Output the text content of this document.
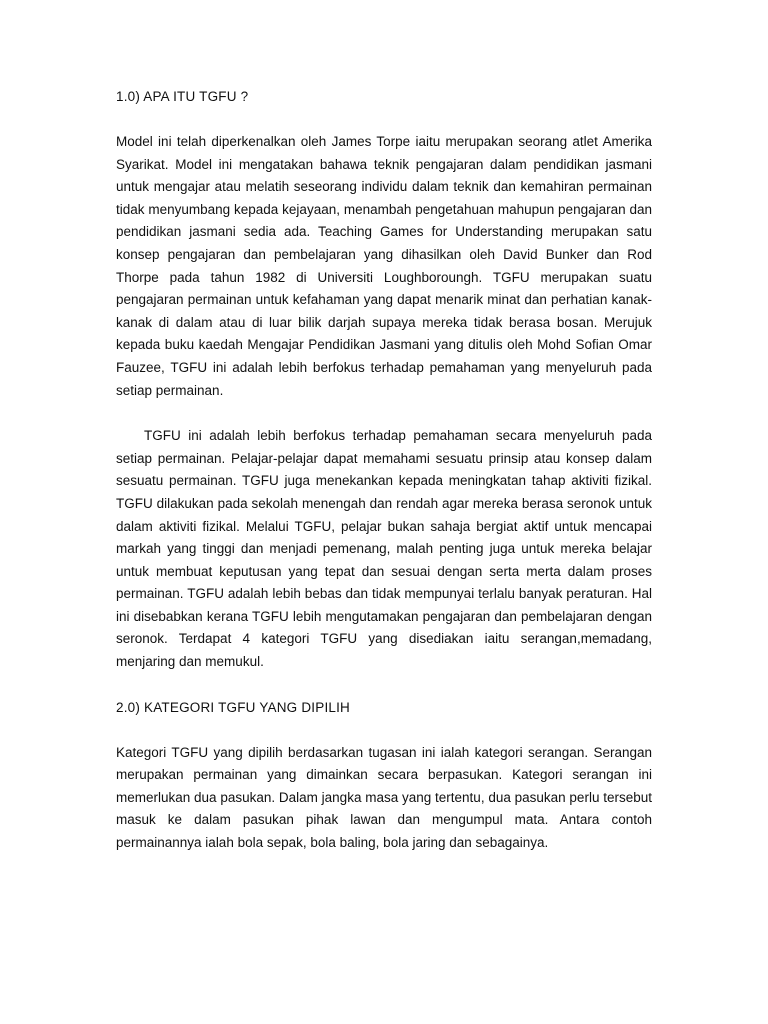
1.0) APA ITU TGFU ?

Model ini telah diperkenalkan oleh James Torpe iaitu merupakan seorang atlet Amerika Syarikat. Model ini mengatakan bahawa teknik pengajaran dalam pendidikan jasmani untuk mengajar atau melatih seseorang individu dalam teknik dan kemahiran permainan tidak menyumbang kepada kejayaan, menambah pengetahuan mahupun pengajaran dan pendidikan jasmani sedia ada. Teaching Games for Understanding merupakan satu konsep pengajaran dan pembelajaran yang dihasilkan oleh David Bunker dan Rod Thorpe pada tahun 1982 di Universiti Loughboroungh. TGFU merupakan suatu pengajaran permainan untuk kefahaman yang dapat menarik minat dan perhatian kanak-kanak di dalam atau di luar bilik darjah supaya mereka tidak berasa bosan. Merujuk kepada buku kaedah Mengajar Pendidikan Jasmani yang ditulis oleh Mohd Sofian Omar Fauzee, TGFU ini adalah lebih berfokus terhadap pemahaman yang menyeluruh pada setiap permainan.

TGFU ini adalah lebih berfokus terhadap pemahaman secara menyeluruh pada setiap permainan. Pelajar-pelajar dapat memahami sesuatu prinsip atau konsep dalam sesuatu permainan. TGFU juga menekankan kepada meningkatan tahap aktiviti fizikal. TGFU dilakukan pada sekolah menengah dan rendah agar mereka berasa seronok untuk dalam aktiviti fizikal. Melalui TGFU, pelajar bukan sahaja bergiat aktif untuk mencapai markah yang tinggi dan menjadi pemenang, malah penting juga untuk mereka belajar untuk membuat keputusan yang tepat dan sesuai dengan serta merta dalam proses permainan. TGFU adalah lebih bebas dan tidak mempunyai terlalu banyak peraturan. Hal ini disebabkan kerana TGFU lebih mengutamakan pengajaran dan pembelajaran dengan seronok. Terdapat 4 kategori TGFU yang disediakan iaitu serangan,memadang, menjaring dan memukul.

2.0) KATEGORI TGFU YANG DIPILIH

Kategori TGFU yang dipilih berdasarkan tugasan ini ialah kategori serangan. Serangan merupakan permainan yang dimainkan secara berpasukan. Kategori serangan ini memerlukan dua pasukan. Dalam jangka masa yang tertentu, dua pasukan perlu tersebut masuk ke dalam pasukan pihak lawan dan mengumpul mata. Antara contoh permainannya ialah bola sepak, bola baling, bola jaring dan sebagainya.
